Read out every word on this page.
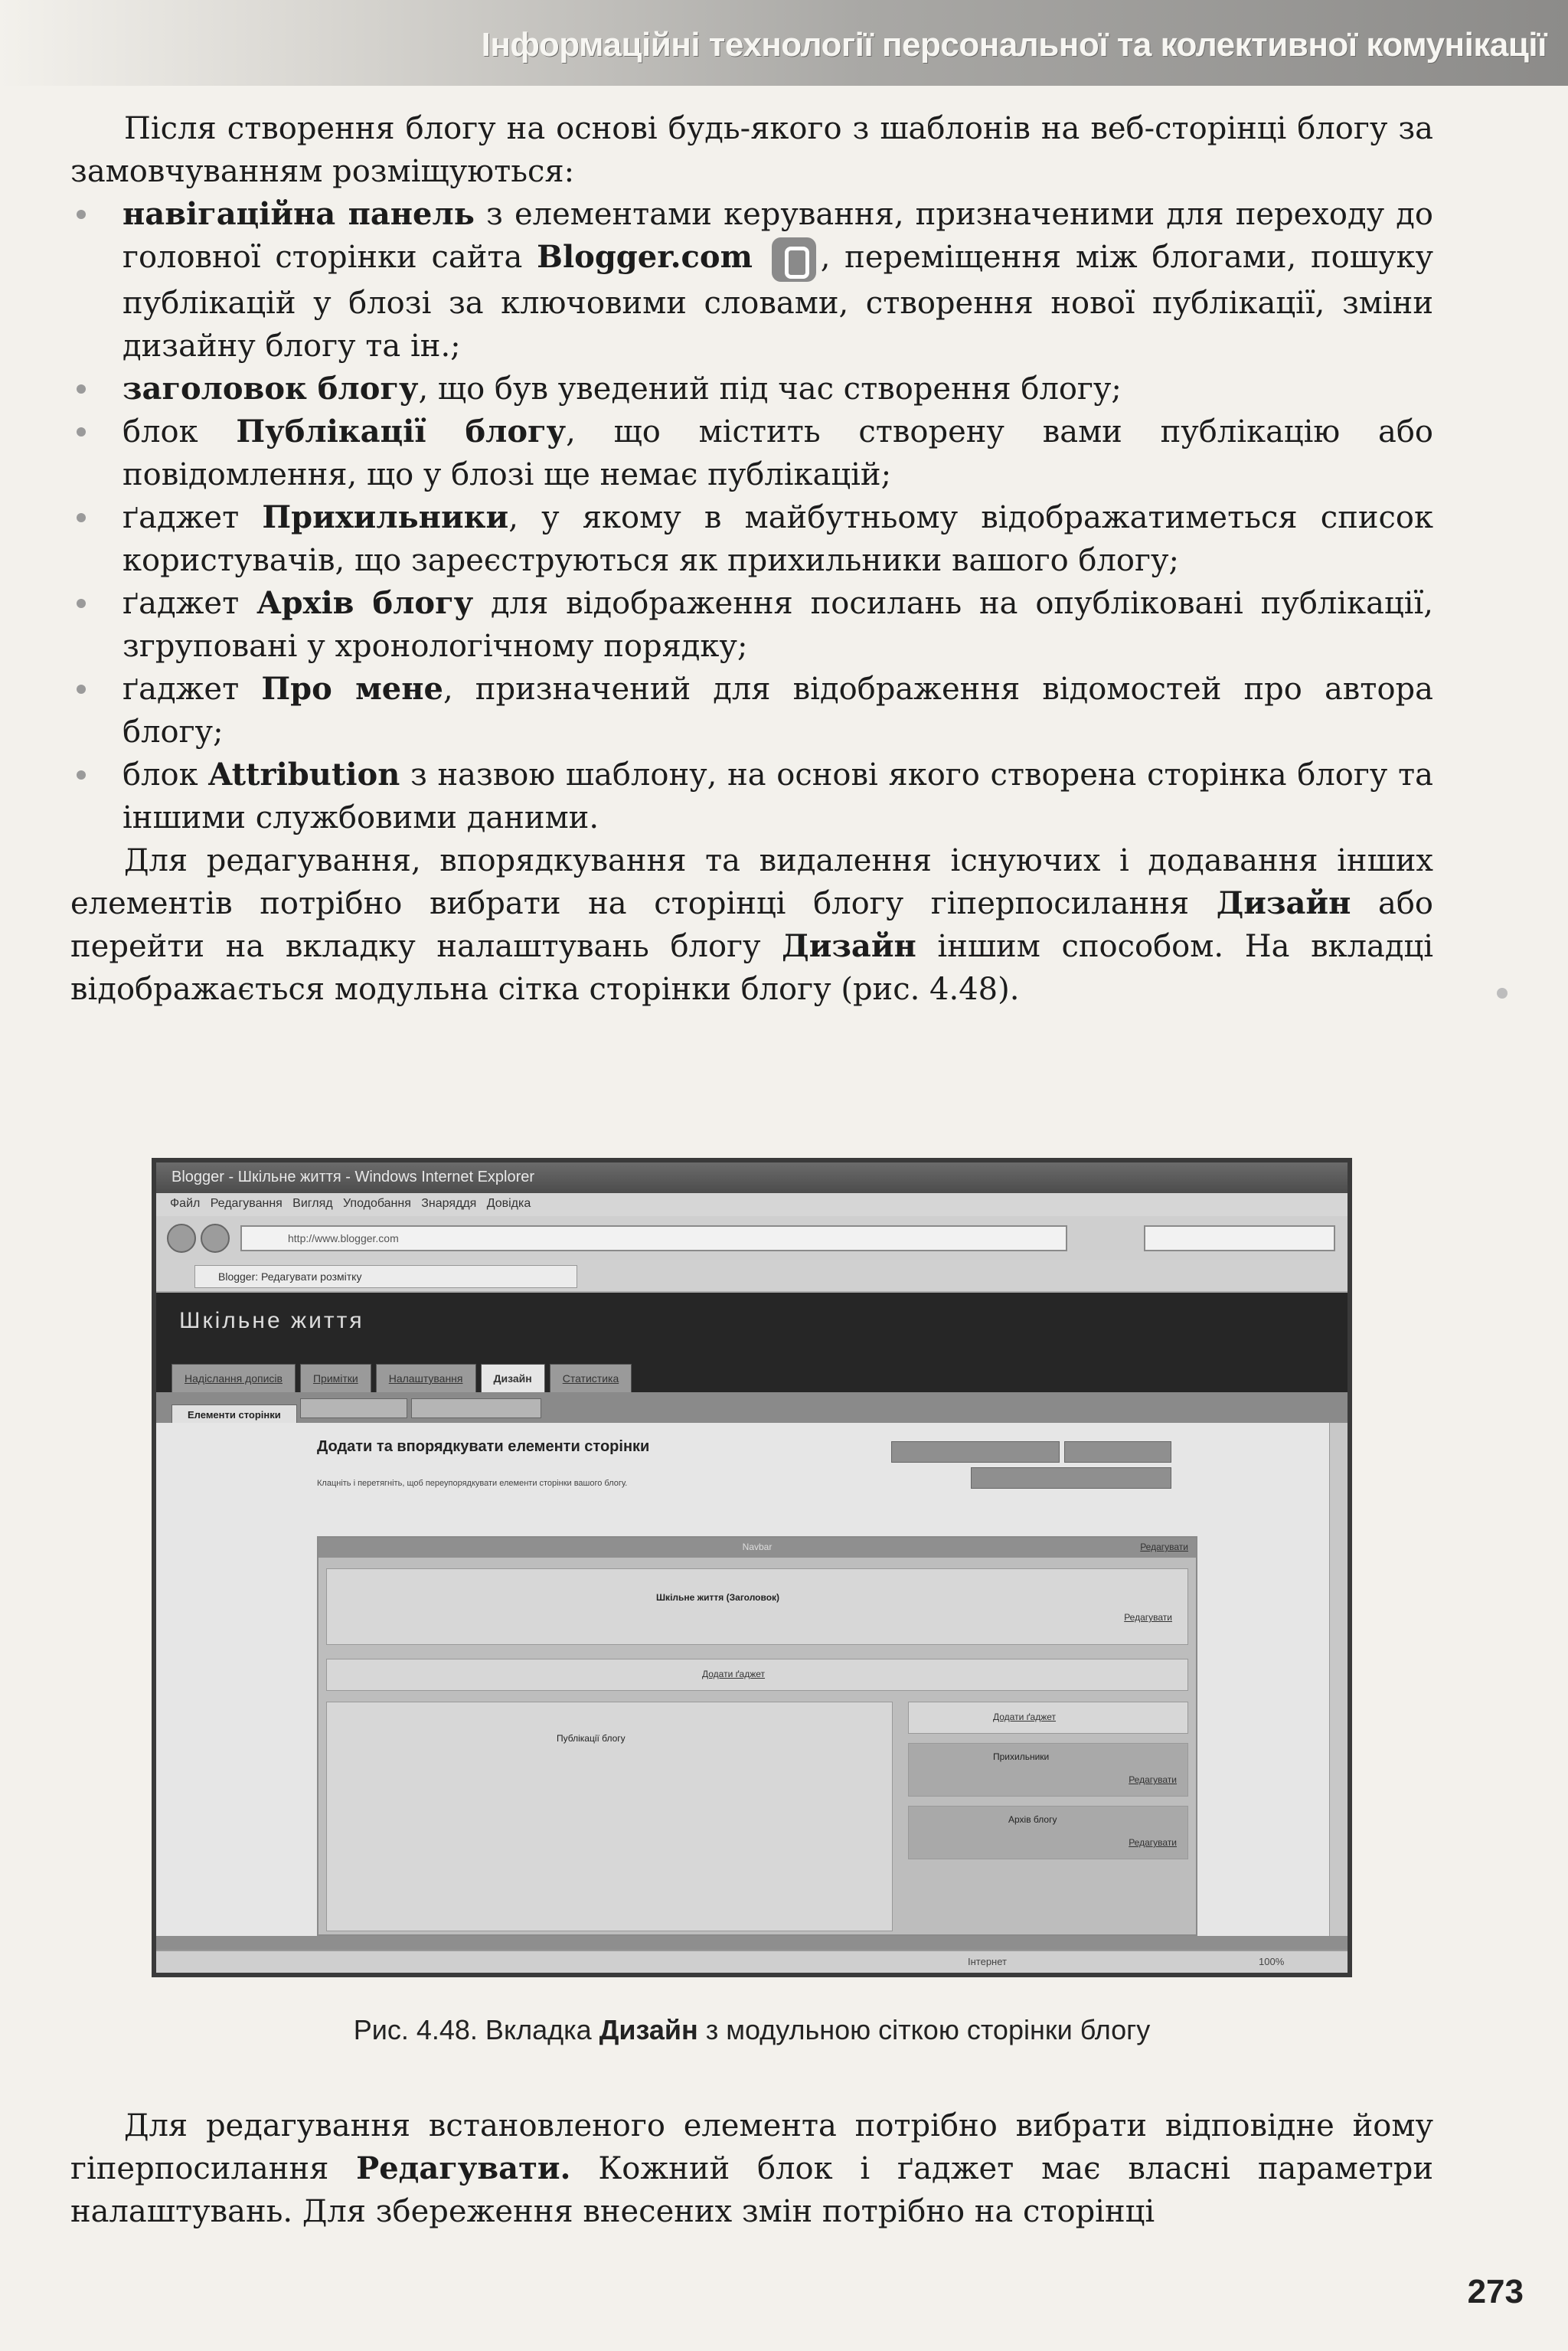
Інформаційні технології персональної та колективної комунікації

Після створення блогу на основі будь-якого з шаблонів на веб-сторінці блогу за замовчуванням розміщуються:

навігаційна панель з елементами керування, призначеними для переходу до головної сторінки сайта Blogger.com , переміщення між блогами, пошуку публікацій у блозі за ключовими словами, створення нової публікації, зміни дизайну блогу та ін.;
заголовок блогу, що був уведений під час створення блогу;
блок Публікації блогу, що містить створену вами публікацію або повідомлення, що у блозі ще немає публікацій;
ґаджет Прихильники, у якому в майбутньому відображатиметься список користувачів, що зареєструються як прихильники вашого блогу;
ґаджет Архів блогу для відображення посилань на опубліковані публікації, згруповані у хронологічному порядку;
ґаджет Про мене, призначений для відображення відомостей про автора блогу;
блок Attribution з назвою шаблону, на основі якого створена сторінка блогу та іншими службовими даними.

Для редагування, впорядкування та видалення існуючих і додавання інших елементів потрібно вибрати на сторінці блогу гіперпосилання Дизайн або перейти на вкладку налаштувань блогу Дизайн іншим способом. На вкладці відображається модульна сітка сторінки блогу (рис. 4.48).

Blogger - Шкільне життя - Windows Internet Explorer
Файл Редагування Вигляд Уподобання Знаряддя Довідка
http://www.blogger.com
Blogger: Редагувати розмітку
Шкільне життя
Надіслання дописів	Примітки	Налаштування	Дизайн	Статистика
Елементи сторінки
Додати та впорядкувати елементи сторінки
Клацніть і перетягніть, щоб переупорядкувати елементи сторінки вашого блогу.
Navbar	Редагувати
Шкільне життя (Заголовок)
Редагувати
Додати ґаджет
Публікації блогу
Додати ґаджет
Прихильники
Редагувати
Архів блогу
Редагувати
Інтернет	100%
Рис. 4.48. Вкладка Дизайн з модульною сіткою сторінки блогу

Для редагування встановленого елемента потрібно вибрати відповідне йому гіперпосилання Редагувати. Кожний блок і ґаджет має власні параметри налаштувань. Для збереження внесених змін потрібно на сторінці

273
